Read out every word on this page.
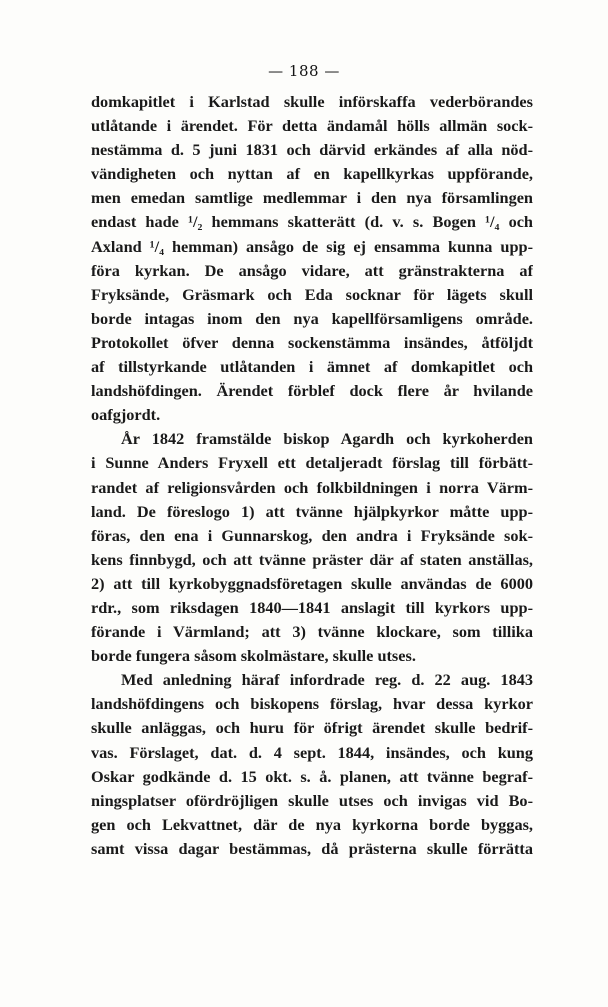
— 188 —
domkapitlet i Karlstad skulle införskaffa vederbörandes
utlåtande i ärendet. För detta ändamål hölls allmän sock-
nestämma d. 5 juni 1831 och därvid erkändes af alla nöd-
vändigheten och nyttan af en kapellkyrkas uppförande,
men emedan samtlige medlemmar i den nya församlingen
endast hade ¹/₂ hemmans skatterätt (d. v. s. Bogen ¹/₄ och
Axland ¹/₄ hemman) ansågo de sig ej ensamma kunna upp-
föra kyrkan. De ansågo vidare, att gränstrakterna af
Fryksände, Gräsmark och Eda socknar för lägets skull
borde intagas inom den nya kapellförsamligens område.
Protokollet öfver denna sockenstämma insändes, åtföljdt
af tillstyrkande utlåtanden i ämnet af domkapitlet och
landshöfdingen. Ärendet förblef dock flere år hvilande
oafgjordt.
År 1842 framstälde biskop Agardh och kyrkoherden
i Sunne Anders Fryxell ett detaljeradt förslag till förbätt-
randet af religionsvården och folkbildningen i norra Värm-
land. De föreslogo 1) att tvänne hjälpkyrkor måtte upp-
föras, den ena i Gunnarskog, den andra i Fryksände sok-
kens finnbygd, och att tvänne präster där af staten anställas,
2) att till kyrkobyggnadsföretagen skulle användas de 6000
rdr., som riksdagen 1840—1841 anslagit till kyrkors upp-
förande i Värmland; att 3) tvänne klockare, som tillika
borde fungera såsom skolmästare, skulle utses.
Med anledning häraf infordrade reg. d. 22 aug. 1843
landshöfdingens och biskopens förslag, hvar dessa kyrkor
skulle anläggas, och huru för öfrigt ärendet skulle bedrif-
vas. Förslaget, dat. d. 4 sept. 1844, insändes, och kung
Oskar godkände d. 15 okt. s. å. planen, att tvänne begraf-
ningsplatser ofördröjligen skulle utses och invigas vid Bo-
gen och Lekvattnet, där de nya kyrkorna borde byggas,
samt vissa dagar bestämmas, då prästerna skulle förrätta
